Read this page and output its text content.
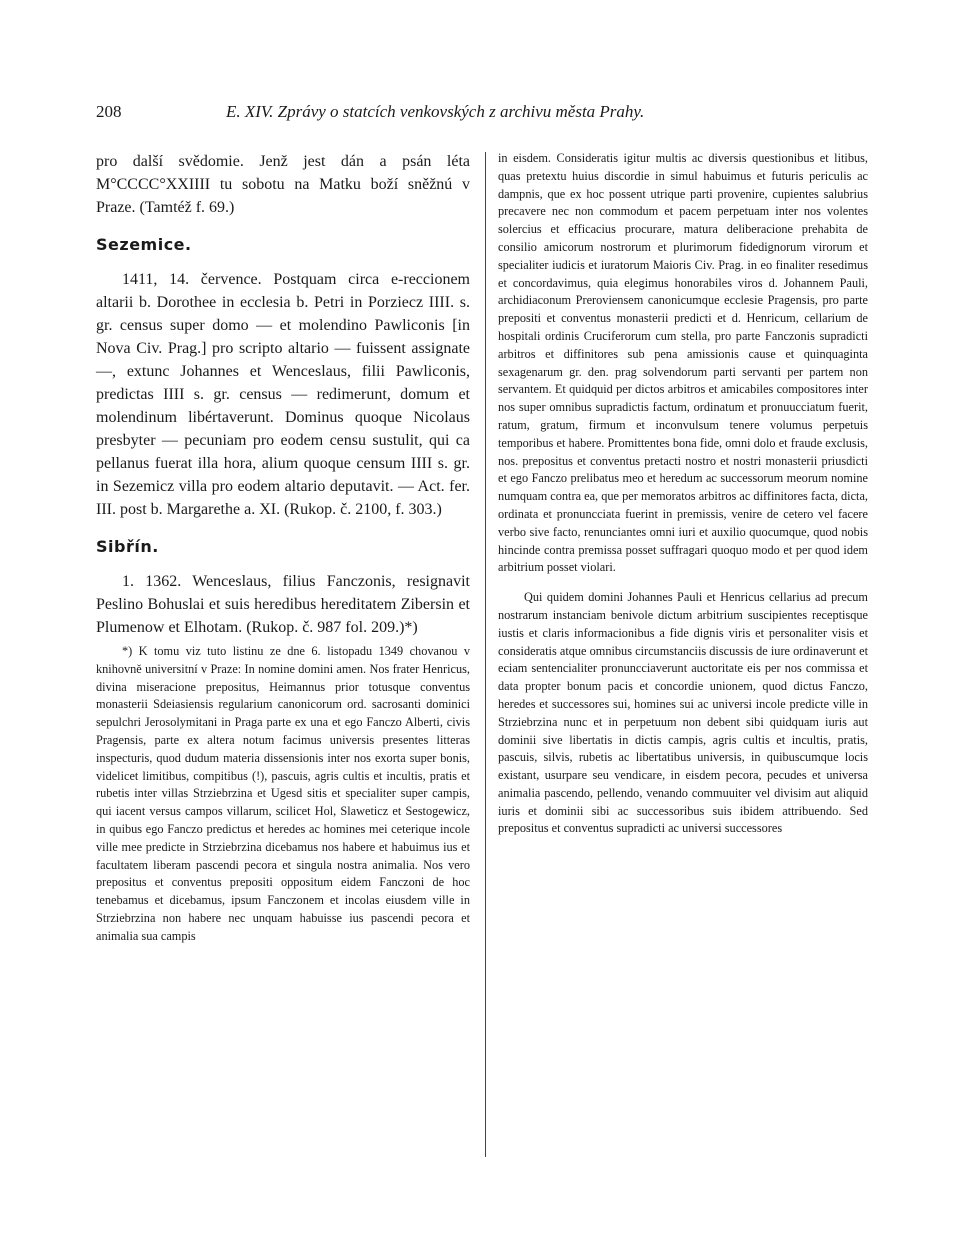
208	E. XIV. Zprávy o statcích venkovských z archivu města Prahy.

pro další svědomie. Jenž jest dán a psán léta M°CCCC°XXIIII tu sobotu na Matku boží sněžnú v Praze. (Tamtéž f. 69.)

Sezemice.

1411, 14. července. Postquam circa e-reccionem altarii b. Dorothee in ecclesia b. Petri in Porziecz IIII. s. gr. census super domo — et molendino Pawliconis [in Nova Civ. Prag.] pro scripto altario — fuissent assignate —, extunc Johannes et Wenceslaus, filii Pawliconis, predictas IIII s. gr. census — redimerunt, domum et molendinum libértaverunt. Dominus quoque Nicolaus presbyter — pecuniam pro eodem censu sustulit, qui ca pellanus fuerat illa hora, alium quoque censum IIII s. gr. in Sezemicz villa pro eodem altario deputavit. — Act. fer. III. post b. Margarethe a. XI. (Rukop. č. 2100, f. 303.)

Sibřín.

1. 1362. Wenceslaus, filius Fanczonis, resignavit Peslino Bohuslai et suis heredibus hereditatem Zibersin et Plumenow et Elhotam. (Rukop. č. 987 fol. 209.)*)

*) K tomu viz tuto listinu ze dne 6. listopadu 1349 chovanou v knihovně universitní v Praze: In nomine domini amen. Nos frater Henricus, divina miseracione prepositus, Heimannus prior totusque conventus monasterii Sdeiasiensis regularium canonicorum ord. sacrosanti dominici sepulchri Jerosolymitani in Praga parte ex una et ego Fanczo Alberti, civis Pragensis, parte ex altera notum facimus universis presentes litteras inspecturis, quod dudum materia dissensionis inter nos exorta super bonis, videlicet limitibus, compitibus (!), pascuis, agris cultis et incultis, pratis et rubetis inter villas Strziebrzina et Ugesd sitis et specialiter super campis, qui iacent versus campos villarum, scilicet Hol, Slaweticz et Sestogewicz, in quibus ego Fanczo predictus et heredes ac homines mei ceterique incole ville mee predicte in Strziebrzina dicebamus nos habere et habuimus ius et facultatem liberam pascendi pecora et singula nostra animalia. Nos vero prepositus et conventus prepositi oppositum eidem Fanczoni de hoc tenebamus et dicebamus, ipsum Fanczonem et incolas eiusdem ville in Strziebrzina non habere nec unquam habuisse ius pascendi pecora et animalia sua campis

in eisdem. Consideratis igitur multis ac diversis questionibus et litibus, quas pretextu huius discordie in simul habuimus et futuris periculis ac dampnis, que ex hoc possent utrique parti provenire, cupientes salubrius precavere nec non commodum et pacem perpetuam inter nos volentes solercius et efficacius procurare, matura deliberacione prehabita de consilio amicorum nostrorum et plurimorum fidedignorum virorum et specialiter iudicis et iuratorum Maioris Civ. Prag. in eo finaliter resedimus et concordavimus, quia elegimus honorabiles viros d. Johannem Pauli, archidiaconum Preroviensem canonicumque ecclesie Pragensis, pro parte prepositi et conventus monasterii predicti et d. Henricum, cellarium de hospitali ordinis Cruciferorum cum stella, pro parte Fanczonis supradicti arbitros et diffinitores sub pena amissionis cause et quinquaginta sexagenarum gr. den. prag solvendorum parti servanti per partem non servantem. Et quidquid per dictos arbitros et amicabiles compositores inter nos super omnibus supradictis factum, ordinatum et pronuucciatum fuerit, ratum, gratum, firmum et inconvulsum tenere volumus perpetuis temporibus et habere. Promittentes bona fide, omni dolo et fraude exclusis, nos. prepositus et conventus pretacti nostro et nostri monasterii priusdicti et ego Fanczo prelibatus meo et heredum ac successorum meorum nomine numquam contra ea, que per memoratos arbitros ac diffinitores facta, dicta, ordinata et pronuncciata fuerint in premissis, venire de cetero vel facere verbo sive facto, renunciantes omni iuri et auxilio quocumque, quod nobis hincinde contra premissa posset suffragari quoquo modo et per quod idem arbitrium posset violari.

Qui quidem domini Johannes Pauli et Henricus cellarius ad precum nostrarum instanciam benivole dictum arbitrium suscipientes receptisque iustis et claris informacionibus a fide dignis viris et personaliter visis et consideratis atque omnibus circumstanciis discussis de iure ordinaverunt et eciam sentencialiter pronuncciaverunt auctoritate eis per nos commissa et data propter bonum pacis et concordie unionem, quod dictus Fanczo, heredes et successores sui, homines sui ac universi incole predicte ville in Strziebrzina nunc et in perpetuum non debent sibi quidquam iuris aut dominii sive libertatis in dictis campis, agris cultis et incultis, pratis, pascuis, silvis, rubetis ac libertatibus universis, in quibuscumque locis existant, usurpare seu vendicare, in eisdem pecora, pecudes et universa animalia pascendo, pellendo, venando commuuiter vel divisim aut aliquid iuris et dominii sibi ac successoribus suis ibidem attribuendo. Sed prepositus et conventus supradicti ac universi successores
